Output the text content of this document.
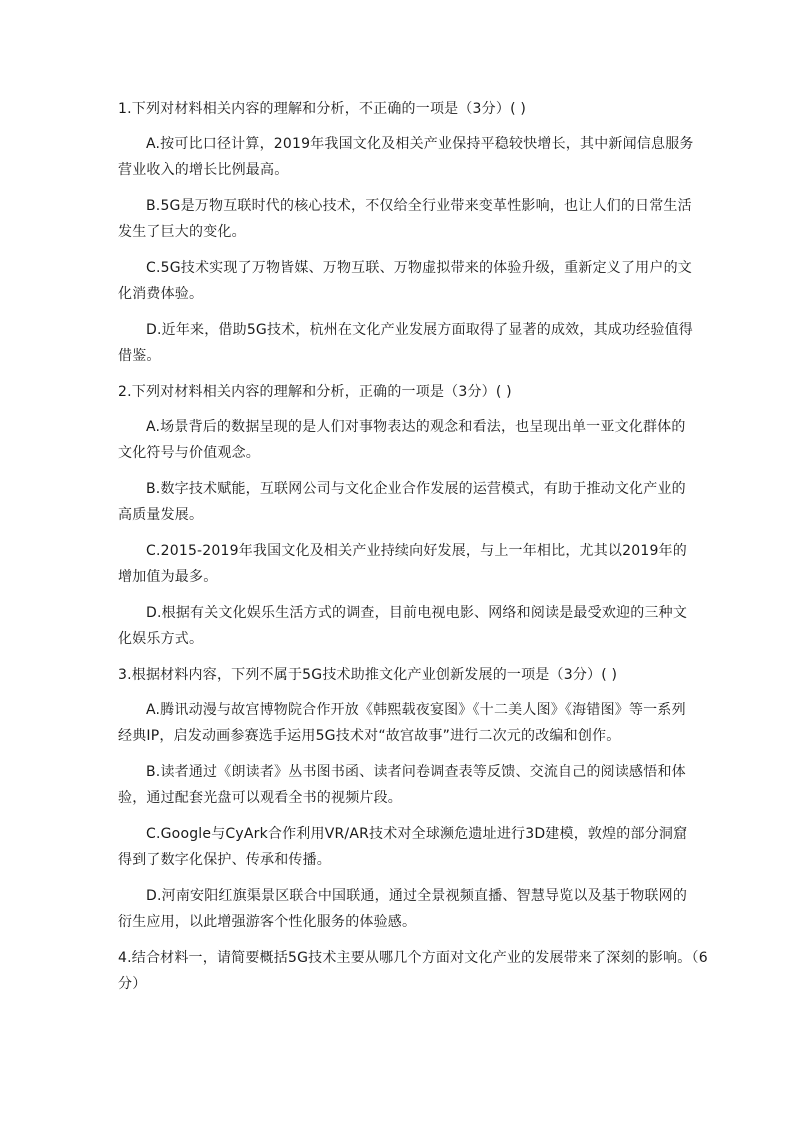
1.下列对材料相关内容的理解和分析，不正确的一项是（3分）( )

A.按可比口径计算，2019年我国文化及相关产业保持平稳较快增长，其中新闻信息服务营业收入的增长比例最高。

B.5G是万物互联时代的核心技术，不仅给全行业带来变革性影响，也让人们的日常生活发生了巨大的变化。

C.5G技术实现了万物皆媒、万物互联、万物虚拟带来的体验升级，重新定义了用户的文化消费体验。

D.近年来，借助5G技术，杭州在文化产业发展方面取得了显著的成效，其成功经验值得借鉴。

2.下列对材料相关内容的理解和分析，正确的一项是（3分）( )

A.场景背后的数据呈现的是人们对事物表达的观念和看法，也呈现出单一亚文化群体的文化符号与价值观念。

B.数字技术赋能，互联网公司与文化企业合作发展的运营模式，有助于推动文化产业的高质量发展。

C.2015-2019年我国文化及相关产业持续向好发展，与上一年相比，尤其以2019年的增加值为最多。

D.根据有关文化娱乐生活方式的调查，目前电视电影、网络和阅读是最受欢迎的三种文化娱乐方式。

3.根据材料内容，下列不属于5G技术助推文化产业创新发展的一项是（3分）( )

A.腾讯动漫与故宫博物院合作开放《韩熙载夜宴图》《十二美人图》《海错图》等一系列经典IP，启发动画参赛选手运用5G技术对“故宫故事”进行二次元的改编和创作。

B.读者通过《朗读者》丛书图书函、读者问卷调查表等反馈、交流自己的阅读感悟和体验，通过配套光盘可以观看全书的视频片段。

C.Google与CyArk合作利用VR/AR技术对全球濒危遗址进行3D建模，敦煌的部分洞窟得到了数字化保护、传承和传播。

D.河南安阳红旗渠景区联合中国联通，通过全景视频直播、智慧导览以及基于物联网的衍生应用，以此增强游客个性化服务的体验感。

4.结合材料一，请简要概括5G技术主要从哪几个方面对文化产业的发展带来了深刻的影响。（6分）
